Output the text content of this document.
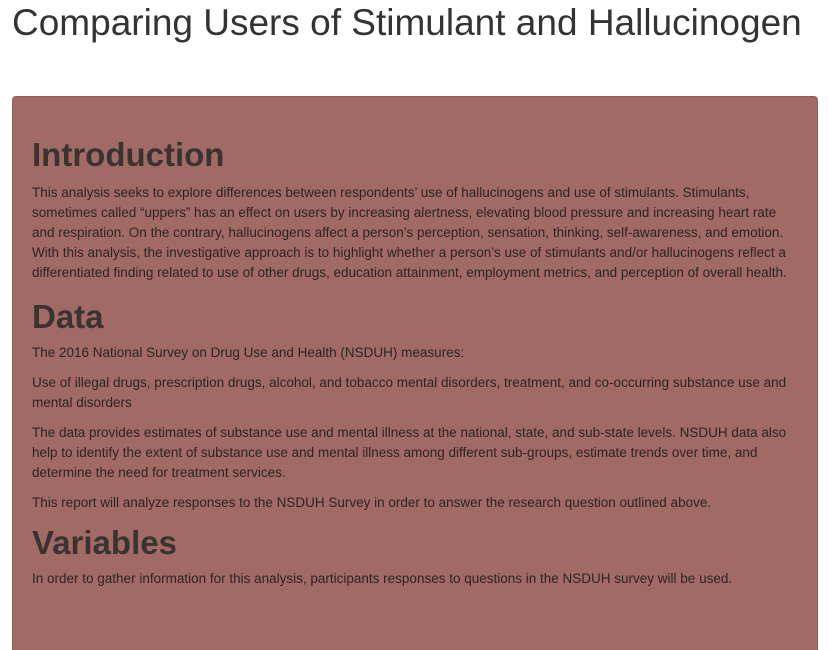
Comparing Users of Stimulant and Hallucinogen
Introduction

This analysis seeks to explore differences between respondents’ use of hallucinogens and use of stimulants. Stimulants, sometimes called “uppers” has an effect on users by increasing alertness, elevating blood pressure and increasing heart rate and respiration. On the contrary, hallucinogens affect a person’s perception, sensation, thinking, self-awareness, and emotion. With this analysis, the investigative approach is to highlight whether a person’s use of stimulants and/or hallucinogens reflect a differentiated finding related to use of other drugs, education attainment, employment metrics, and perception of overall health.

Data

The 2016 National Survey on Drug Use and Health (NSDUH) measures:

Use of illegal drugs, prescription drugs, alcohol, and tobacco mental disorders, treatment, and co-occurring substance use and mental disorders

The data provides estimates of substance use and mental illness at the national, state, and sub-state levels. NSDUH data also help to identify the extent of substance use and mental illness among different sub-groups, estimate trends over time, and determine the need for treatment services.

This report will analyze responses to the NSDUH Survey in order to answer the research question outlined above.

Variables

In order to gather information for this analysis, participants responses to questions in the NSDUH survey will be used.
